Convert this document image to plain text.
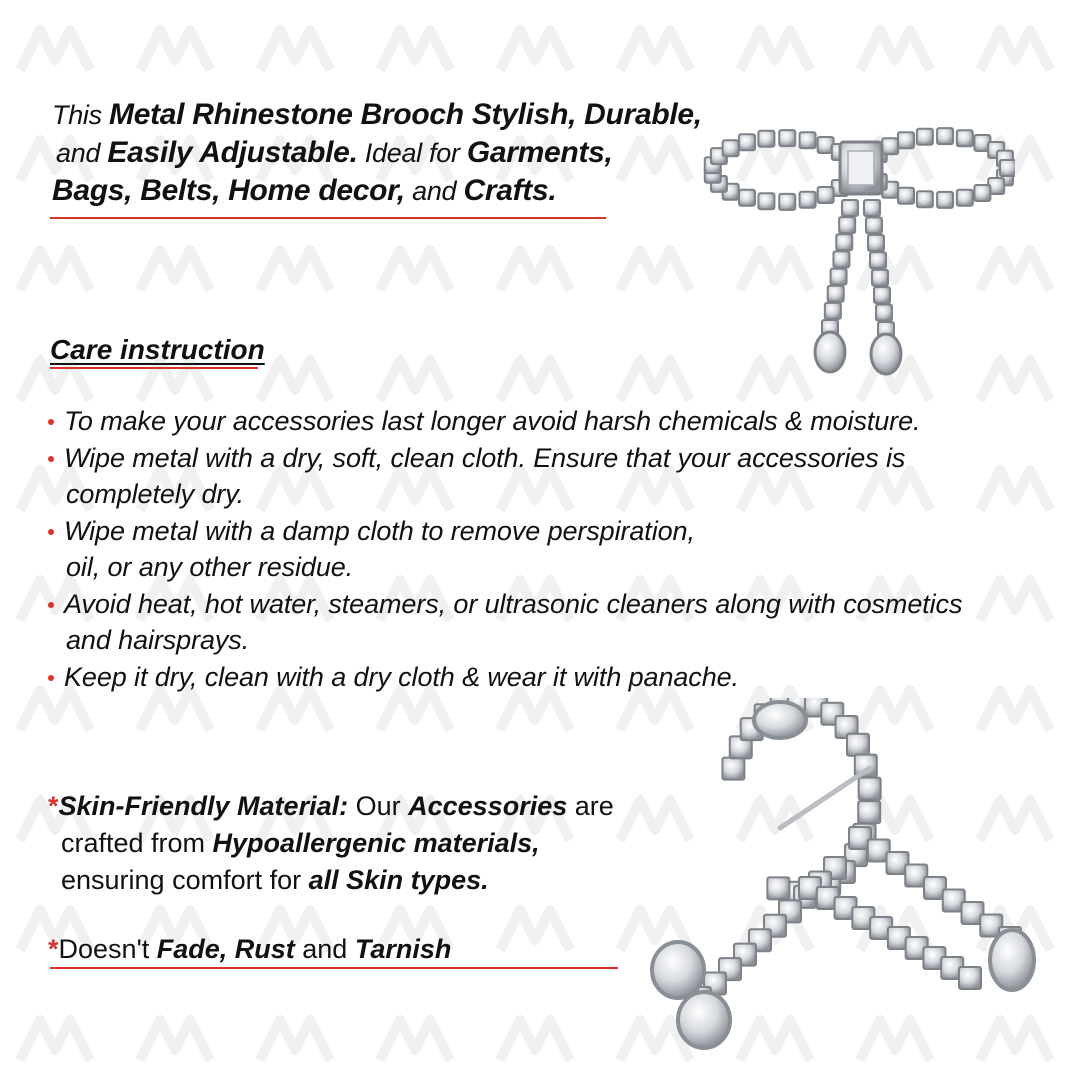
This Metal Rhinestone Brooch Stylish, Durable,
and Easily Adjustable. Ideal for Garments,
Bags, Belts, Home decor, and Crafts.
Care instruction
To make your accessories last longer avoid harsh chemicals & moisture.
Wipe metal with a dry, soft, clean cloth. Ensure that your accessories is
completely dry.
Wipe metal with a damp cloth to remove perspiration,
oil, or any other residue.
Avoid heat, hot water, steamers, or ultrasonic cleaners along with cosmetics
and hairsprays.
Keep it dry, clean with a dry cloth & wear it with panache.
*Skin-Friendly Material: Our Accessories are
crafted from Hypoallergenic materials,
ensuring comfort for all Skin types.
*Doesn't Fade, Rust and Tarnish
